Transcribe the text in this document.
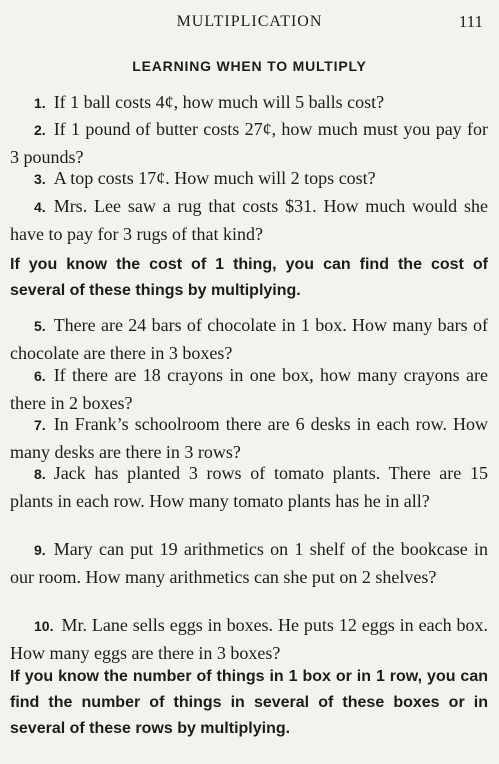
MULTIPLICATION	111
LEARNING WHEN TO MULTIPLY

1. If 1 ball costs 4¢, how much will 5 balls cost?

2. If 1 pound of butter costs 27¢, how much must you pay for 3 pounds?

3. A top costs 17¢. How much will 2 tops cost?

4. Mrs. Lee saw a rug that costs $31. How much would she have to pay for 3 rugs of that kind?

If you know the cost of 1 thing, you can find the cost of several of these things by multiplying.

5. There are 24 bars of chocolate in 1 box. How many bars of chocolate are there in 3 boxes?

6. If there are 18 crayons in one box, how many crayons are there in 2 boxes?

7. In Frank’s schoolroom there are 6 desks in each row. How many desks are there in 3 rows?

8. Jack has planted 3 rows of tomato plants. There are 15 plants in each row. How many tomato plants has he in all?

9. Mary can put 19 arithmetics on 1 shelf of the bookcase in our room. How many arithmetics can she put on 2 shelves?

10. Mr. Lane sells eggs in boxes. He puts 12 eggs in each box. How many eggs are there in 3 boxes?

If you know the number of things in 1 box or in 1 row, you can find the number of things in several of these boxes or in several of these rows by multiplying.
